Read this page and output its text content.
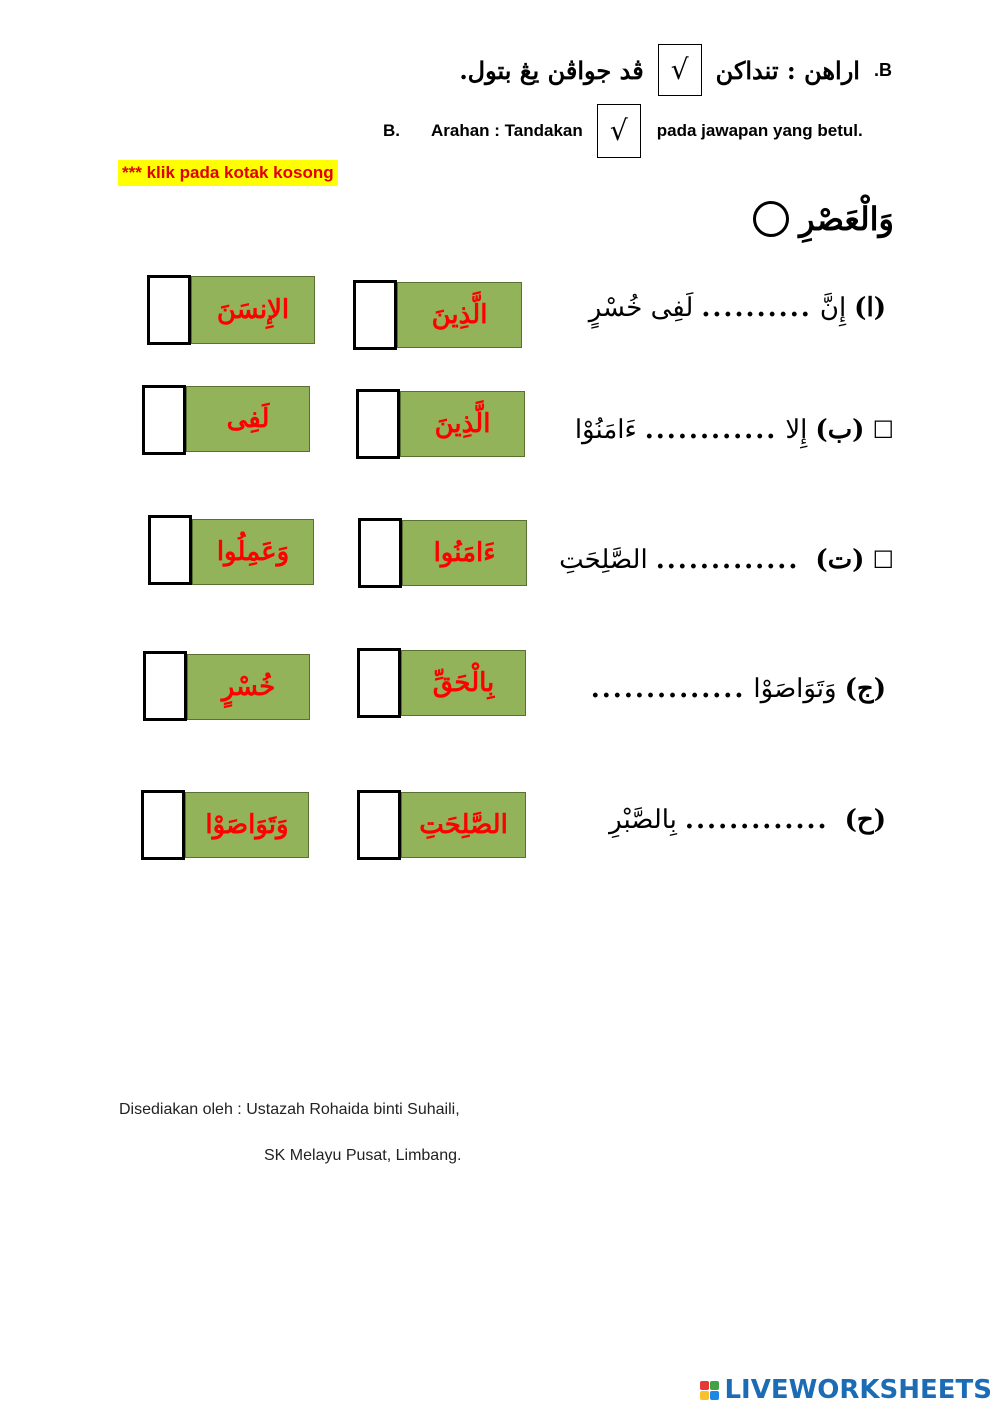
B.
اراهن : تنداكن
√
ڤد جواڤن يڠ بتول.
B.	Arahan : Tandakan √	pada jawapan yang betul.
*** klik pada kotak kosong
وَالْعَصْرِ
(ا)
إِنَّ
..........
لَفِى خُسْرٍ
الَّذِينَ
الإِنسَنَ
☐
(ب)
إِلا
............
ءَامَنُوْا
الَّذِينَ
لَفِى
☐
(ت)
.............
الصَّلِحَتِ
ءَامَنُوا
وَعَمِلُوا
(ج)
وَتَوَاصَوْا
..............
بِالْحَقِّ
خُسْرٍ
(ح)
.............
بِالصَّبْرِ
الصَّلِحَتِ
وَتَوَاصَوْا
Disediakan oleh : Ustazah Rohaida binti Suhaili,
SK Melayu Pusat, Limbang.
LIVEWORKSHEETS
